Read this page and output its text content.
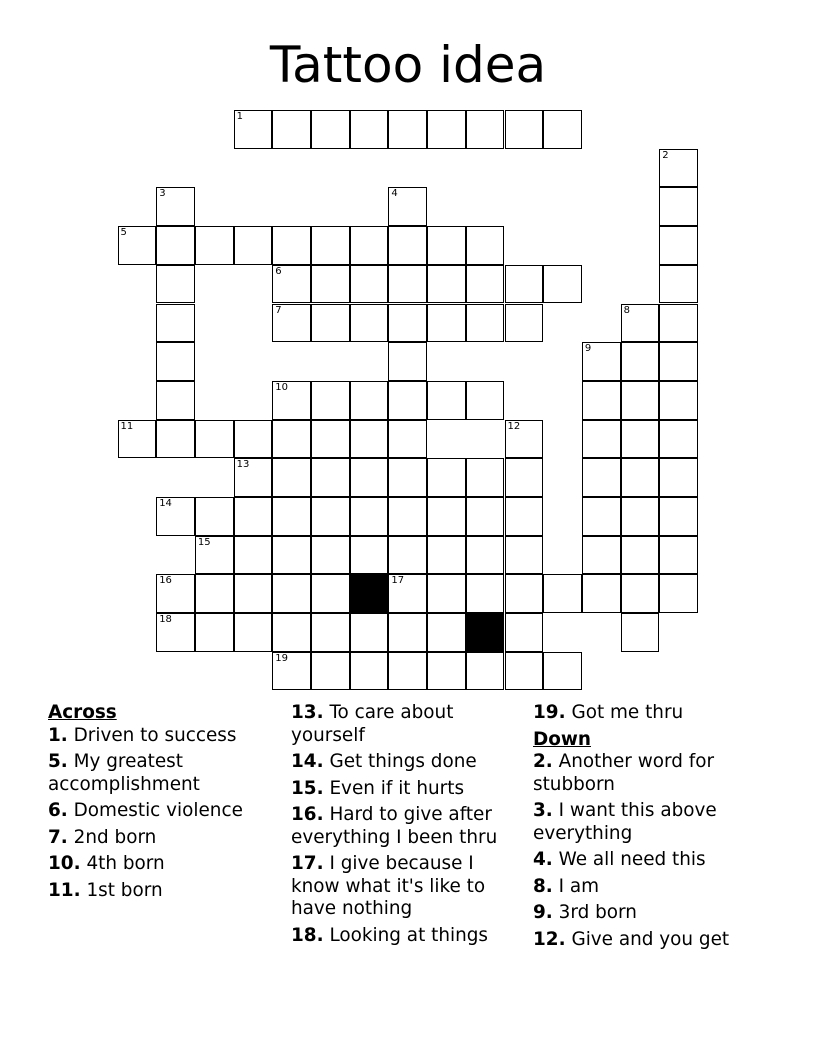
Tattoo idea
1
2
3	4
17
5
6
7	8
9
10
11	12
13
14
15
16
18
19
Across
1. Driven to success
5. My greatest accomplishment
6. Domestic violence
7. 2nd born
10. 4th born
11. 1st born
13. To care about yourself
14. Get things done
15. Even if it hurts
16. Hard to give after everything I been thru
17. I give because I know what it's like to have nothing
18. Looking at things
19. Got me thru
Down
2. Another word for stubborn
3. I want this above everything
4. We all need this
8. I am
9. 3rd born
12. Give and you get
